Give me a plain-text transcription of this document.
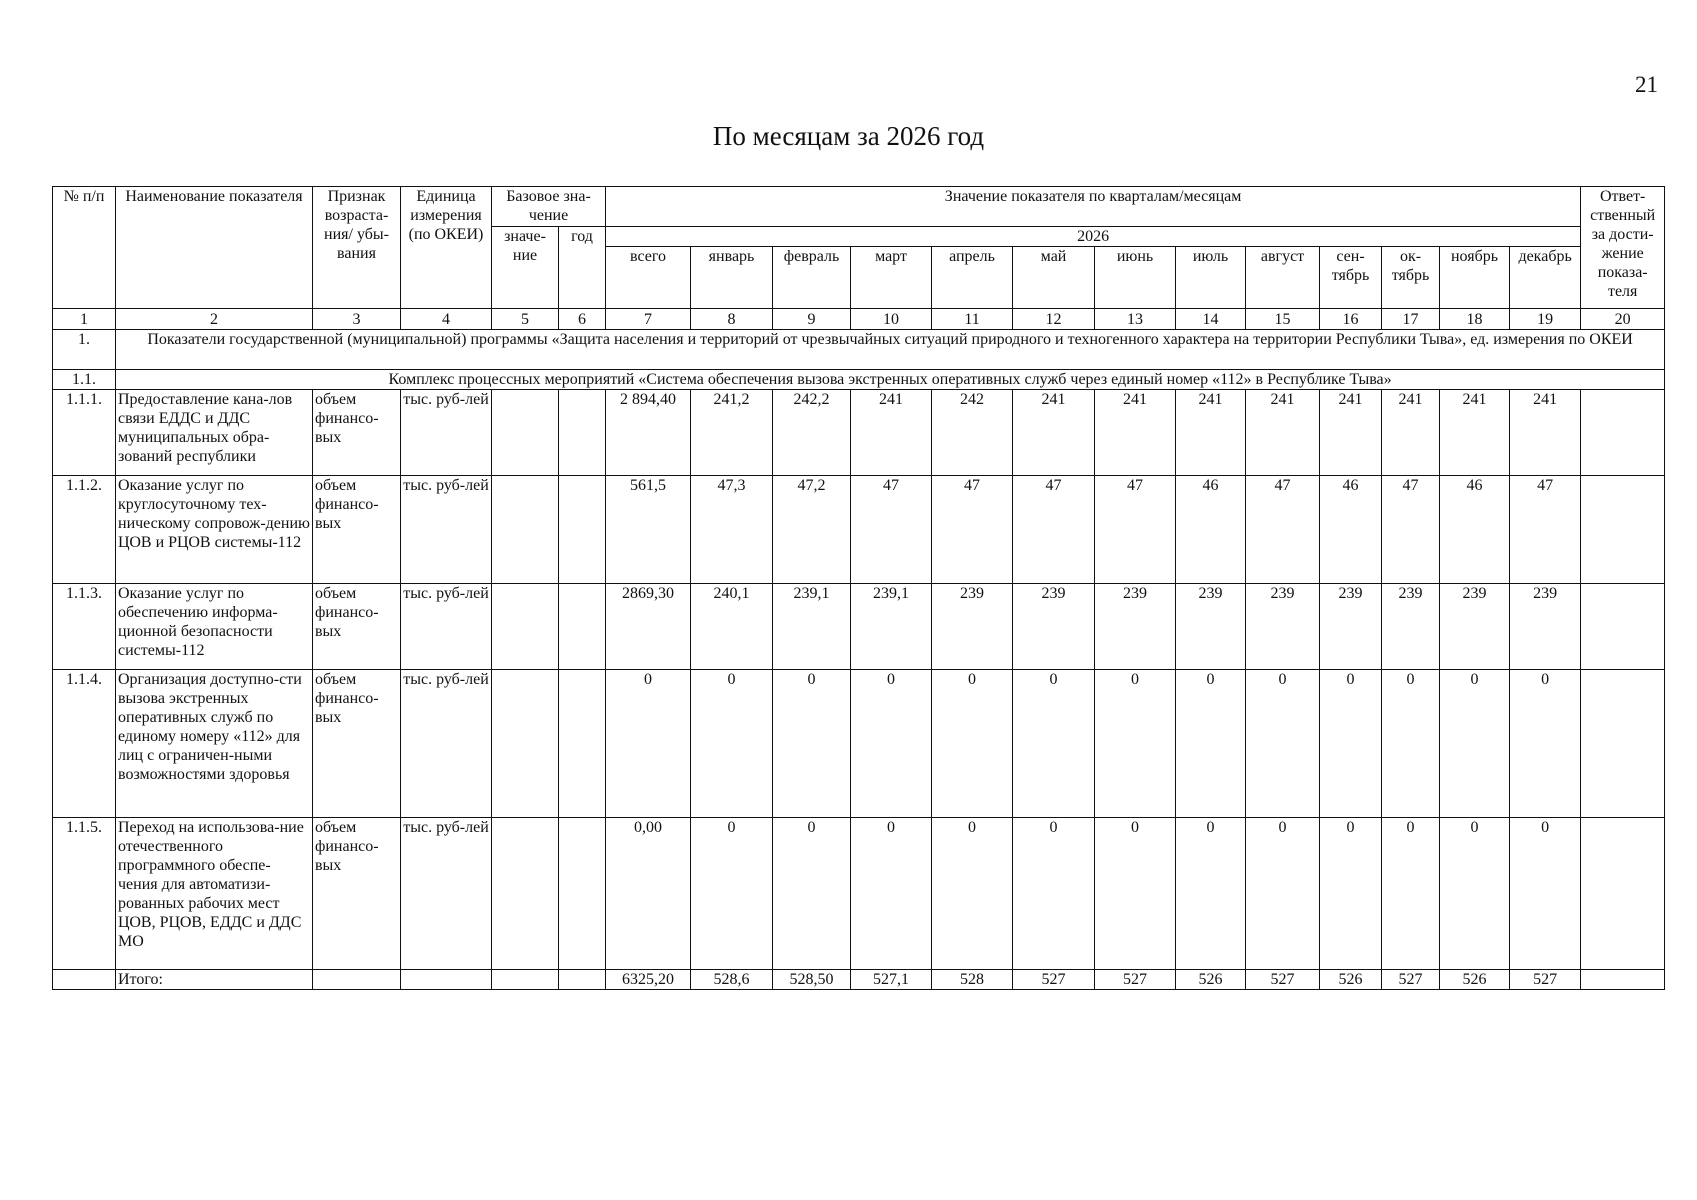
21
По месяцам за 2026 год
№ п/п	Наименование показателя	Признак возраста-ния/ убы-вания	Единица измерения (по ОКЕИ)	Базовое зна-чение		Значение показателя по кварталам/месяцам													Ответ-ственный за дости-жение показа-теля
				значе-ние	год	2026													
						всего	январь	февраль	март	апрель	май	июнь	июль	август	сен-тябрь	ок-тябрь	ноябрь	декабрь	
1	2	3	4	5	6	7	8	9	10	11	12	13	14	15	16	17	18	19	20
1.	Показатели государственной (муниципальной) программы «Защита населения и территорий от чрезвычайных ситуаций природного и техногенного характера на территории Республики Тыва», ед. измерения по ОКЕИ																		
1.1.	Комплекс процессных мероприятий «Система обеспечения вызова экстренных оперативных служб через единый номер «112» в Республике Тыва»																		
1.1.1.	Предоставление кана-лов связи ЕДДС и ДДС муниципальных обра-зований республики	объем финансо-вых	тыс. руб-лей			2 894,40	241,2	242,2	241	242	241	241	241	241	241	241	241	241	
1.1.2.	Оказание услуг по круглосуточному тех-ническому сопровож-дению ЦОВ и РЦОВ системы-112	объем финансо-вых	тыс. руб-лей			561,5	47,3	47,2	47	47	47	47	46	47	46	47	46	47	
1.1.3.	Оказание услуг по обеспечению информа-ционной безопасности системы-112	объем финансо-вых	тыс. руб-лей			2869,30	240,1	239,1	239,1	239	239	239	239	239	239	239	239	239	
1.1.4.	Организация доступно-сти вызова экстренных оперативных служб по единому номеру «112» для лиц с ограничен-ными возможностями здоровья	объем финансо-вых	тыс. руб-лей			0	0	0	0	0	0	0	0	0	0	0	0	0	
1.1.5.	Переход на использова-ние отечественного программного обеспе-чения для автоматизи-рованных рабочих мест ЦОВ, РЦОВ, ЕДДС и ДДС МО	объем финансо-вых	тыс. руб-лей			0,00	0	0	0	0	0	0	0	0	0	0	0	0	
	Итого:					6325,20	528,6	528,50	527,1	528	527	527	526	527	526	527	526	527	
